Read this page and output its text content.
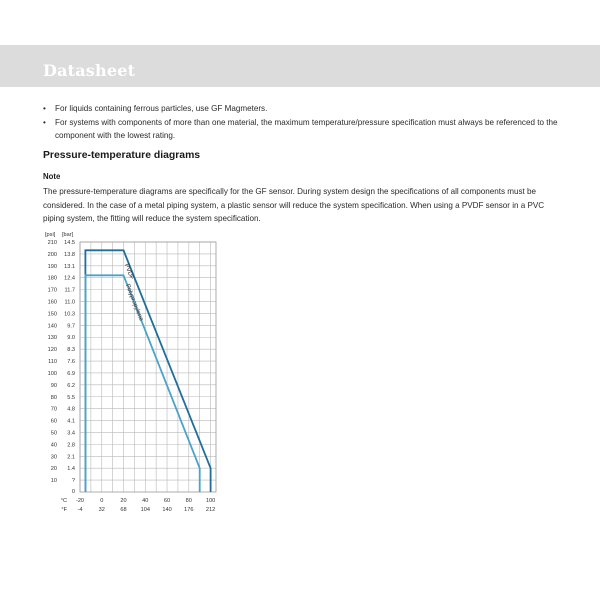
Datasheet
• For liquids containing ferrous particles, use GF Magmeters.
• For systems with components of more than one material, the maximum temperature/pressure specification must always be referenced to the component with the lowest rating.
Pressure-temperature diagrams
Note

The pressure-temperature diagrams are specifically for the GF sensor. During system design the specifications of all components must be considered. In the case of a metal piping system, a plastic sensor will reduce the system specification. When using a PVDF sensor in a PVC piping system, the fitting will reduce the system specification.

[psi] [bar]
10	?
20 1.4
30 2.1
40 2.8
50 3.4
60 4.1
70 4.8
80 5.5
90 6.2
100 6.9
110 7.6
120 8.3
130 9.0
140 9.7
150 10.3
160 11.0
170 11.7
180 12.4
190 13.1
200 13.8
210 14.5
0
°C
°F
-20
-4
0
32
20
68
40
104
60
140
80
176
100
212
PVDF
Polypropylene
